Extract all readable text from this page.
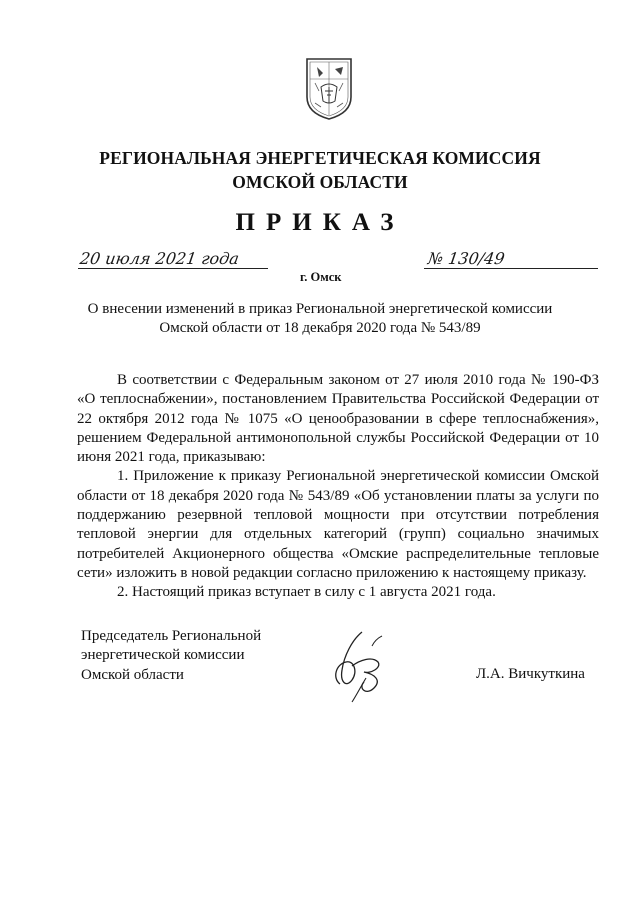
РЕГИОНАЛЬНАЯ ЭНЕРГЕТИЧЕСКАЯ КОМИССИЯ
ОМСКОЙ ОБЛАСТИ
ПРИКАЗ
20 июля 2021 года
г. Омск
№ 130/49
О внесении изменений в приказ Региональной энергетической комиссии
Омской области от 18 декабря 2020 года № 543/89

В соответствии с Федеральным законом от 27 июля 2010 года № 190-ФЗ «О теплоснабжении», постановлением Правительства Российской Федерации от 22 октября 2012 года № 1075 «О ценообразовании в сфере теплоснабжения», решением Федеральной антимонопольной службы Российской Федерации от 10 июня 2021 года, приказываю:

1. Приложение к приказу Региональной энергетической комиссии Омской области от 18 декабря 2020 года № 543/89 «Об установлении платы за услуги по поддержанию резервной тепловой мощности при отсутствии потребления тепловой энергии для отдельных категорий (групп) социально значимых потребителей Акционерного общества «Омские распределительные тепловые сети» изложить в новой редакции согласно приложению к настоящему приказу.

2. Настоящий приказ вступает в силу с 1 августа 2021 года.

Председатель Региональной
энергетической комиссии
Омской области	Л.А. Вичкуткина
